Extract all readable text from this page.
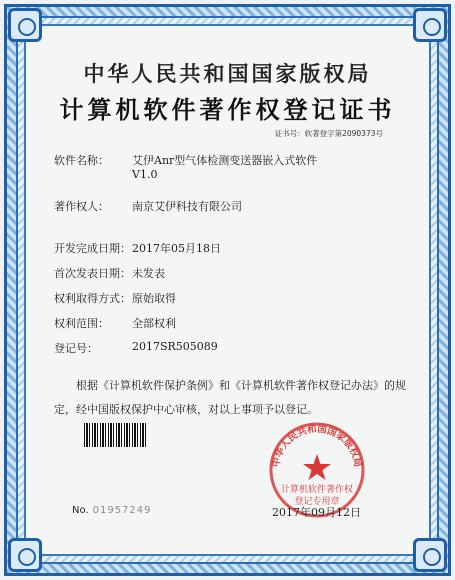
中华人民共和国国家版权局
计算机软件著作权登记证书
证书号：软著登字第2090373号
软件名称： 艾伊Anr型气体检测变送器嵌入式软件
V1.0
著作权人： 南京艾伊科技有限公司
开发完成日期：2017年05月18日
首次发表日期：未发表
权利取得方式：原始取得
权利范围： 全部权利
登记号：	2017SR505089
根据《计算机软件保护条例》和《计算机软件著作权登记办法》的规定，经中国版权保护中心审核，对以上事项予以登记。
中华人民共和国国家版权局
计算机软件著作权
登记专用章
No. 01957249	2017年09月12日
